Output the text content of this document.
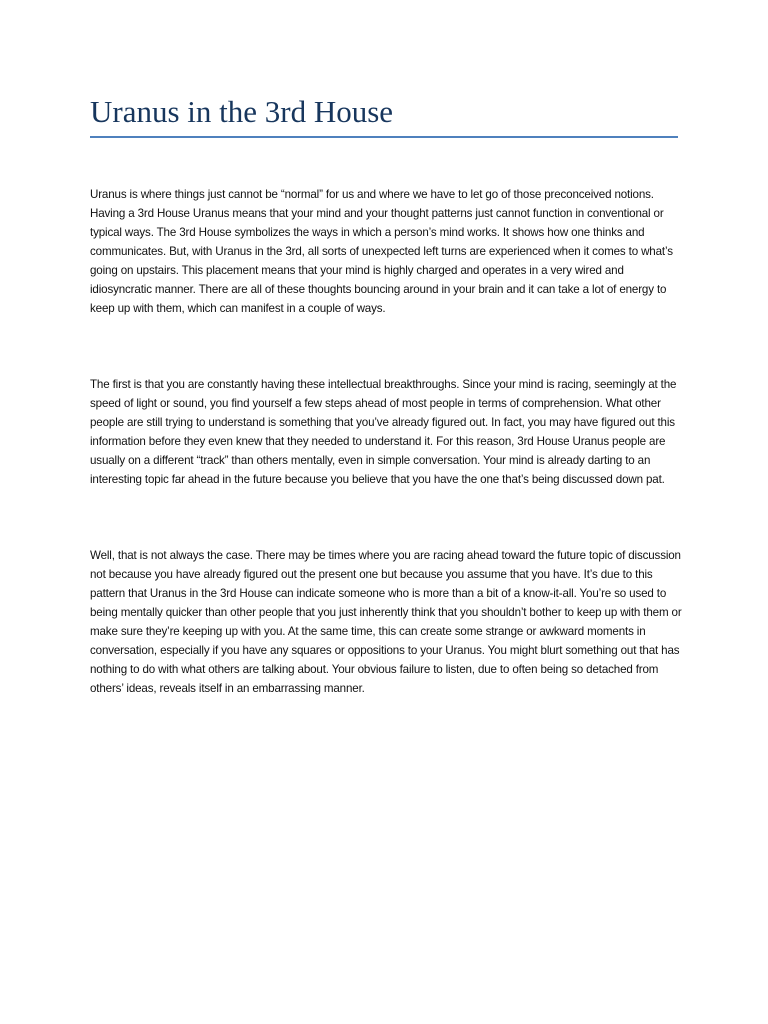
Uranus in the 3rd House

Uranus is where things just cannot be “normal” for us and where we have to let go of those preconceived notions. Having a 3rd House Uranus means that your mind and your thought patterns just cannot function in conventional or typical ways. The 3rd House symbolizes the ways in which a person’s mind works. It shows how one thinks and communicates. But, with Uranus in the 3rd, all sorts of unexpected left turns are experienced when it comes to what’s going on upstairs. This placement means that your mind is highly charged and operates in a very wired and idiosyncratic manner. There are all of these thoughts bouncing around in your brain and it can take a lot of energy to keep up with them, which can manifest in a couple of ways.

The first is that you are constantly having these intellectual breakthroughs. Since your mind is racing, seemingly at the speed of light or sound, you find yourself a few steps ahead of most people in terms of comprehension. What other people are still trying to understand is something that you’ve already figured out. In fact, you may have figured out this information before they even knew that they needed to understand it. For this reason, 3rd House Uranus people are usually on a different “track” than others mentally, even in simple conversation. Your mind is already darting to an interesting topic far ahead in the future because you believe that you have the one that’s being discussed down pat.

Well, that is not always the case. There may be times where you are racing ahead toward the future topic of discussion not because you have already figured out the present one but because you assume that you have. It’s due to this pattern that Uranus in the 3rd House can indicate someone who is more than a bit of a know-it-all. You’re so used to being mentally quicker than other people that you just inherently think that you shouldn’t bother to keep up with them or make sure they’re keeping up with you. At the same time, this can create some strange or awkward moments in conversation, especially if you have any squares or oppositions to your Uranus. You might blurt something out that has nothing to do with what others are talking about. Your obvious failure to listen, due to often being so detached from others’ ideas, reveals itself in an embarrassing manner.
